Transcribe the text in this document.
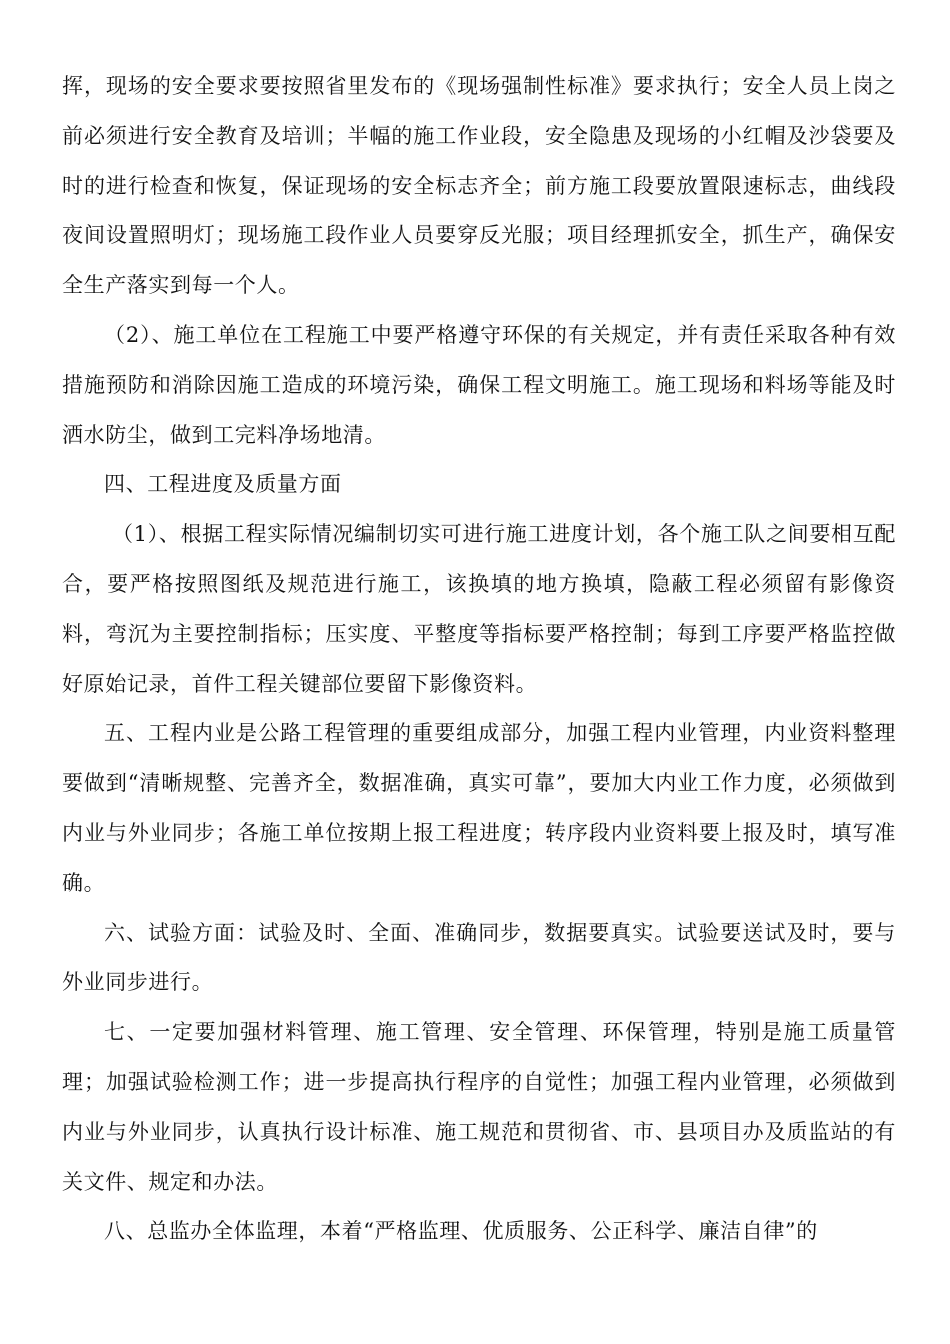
挥，现场的安全要求要按照省里发布的《现场强制性标准》要求执行；安全人员上岗之前必须进行安全教育及培训；半幅的施工作业段，安全隐患及现场的小红帽及沙袋要及时的进行检查和恢复，保证现场的安全标志齐全；前方施工段要放置限速标志，曲线段夜间设置照明灯；现场施工段作业人员要穿反光服；项目经理抓安全，抓生产，确保安全生产落实到每一个人。

（2）、施工单位在工程施工中要严格遵守环保的有关规定，并有责任采取各种有效措施预防和消除因施工造成的环境污染，确保工程文明施工。施工现场和料场等能及时洒水防尘，做到工完料净场地清。

四、工程进度及质量方面

（1）、根据工程实际情况编制切实可进行施工进度计划，各个施工队之间要相互配合，要严格按照图纸及规范进行施工，该换填的地方换填，隐蔽工程必须留有影像资料，弯沉为主要控制指标；压实度、平整度等指标要严格控制；每到工序要严格监控做好原始记录，首件工程关键部位要留下影像资料。

五、工程内业是公路工程管理的重要组成部分，加强工程内业管理，内业资料整理要做到“清晰规整、完善齐全，数据准确，真实可靠”，要加大内业工作力度，必须做到内业与外业同步；各施工单位按期上报工程进度；转序段内业资料要上报及时，填写准确。

六、试验方面：试验及时、全面、准确同步，数据要真实。试验要送试及时，要与外业同步进行。

七、一定要加强材料管理、施工管理、安全管理、环保管理，特别是施工质量管理；加强试验检测工作；进一步提高执行程序的自觉性；加强工程内业管理，必须做到内业与外业同步，认真执行设计标准、施工规范和贯彻省、市、县项目办及质监站的有关文件、规定和办法。

八、总监办全体监理，本着“严格监理、优质服务、公正科学、廉洁自律”的
